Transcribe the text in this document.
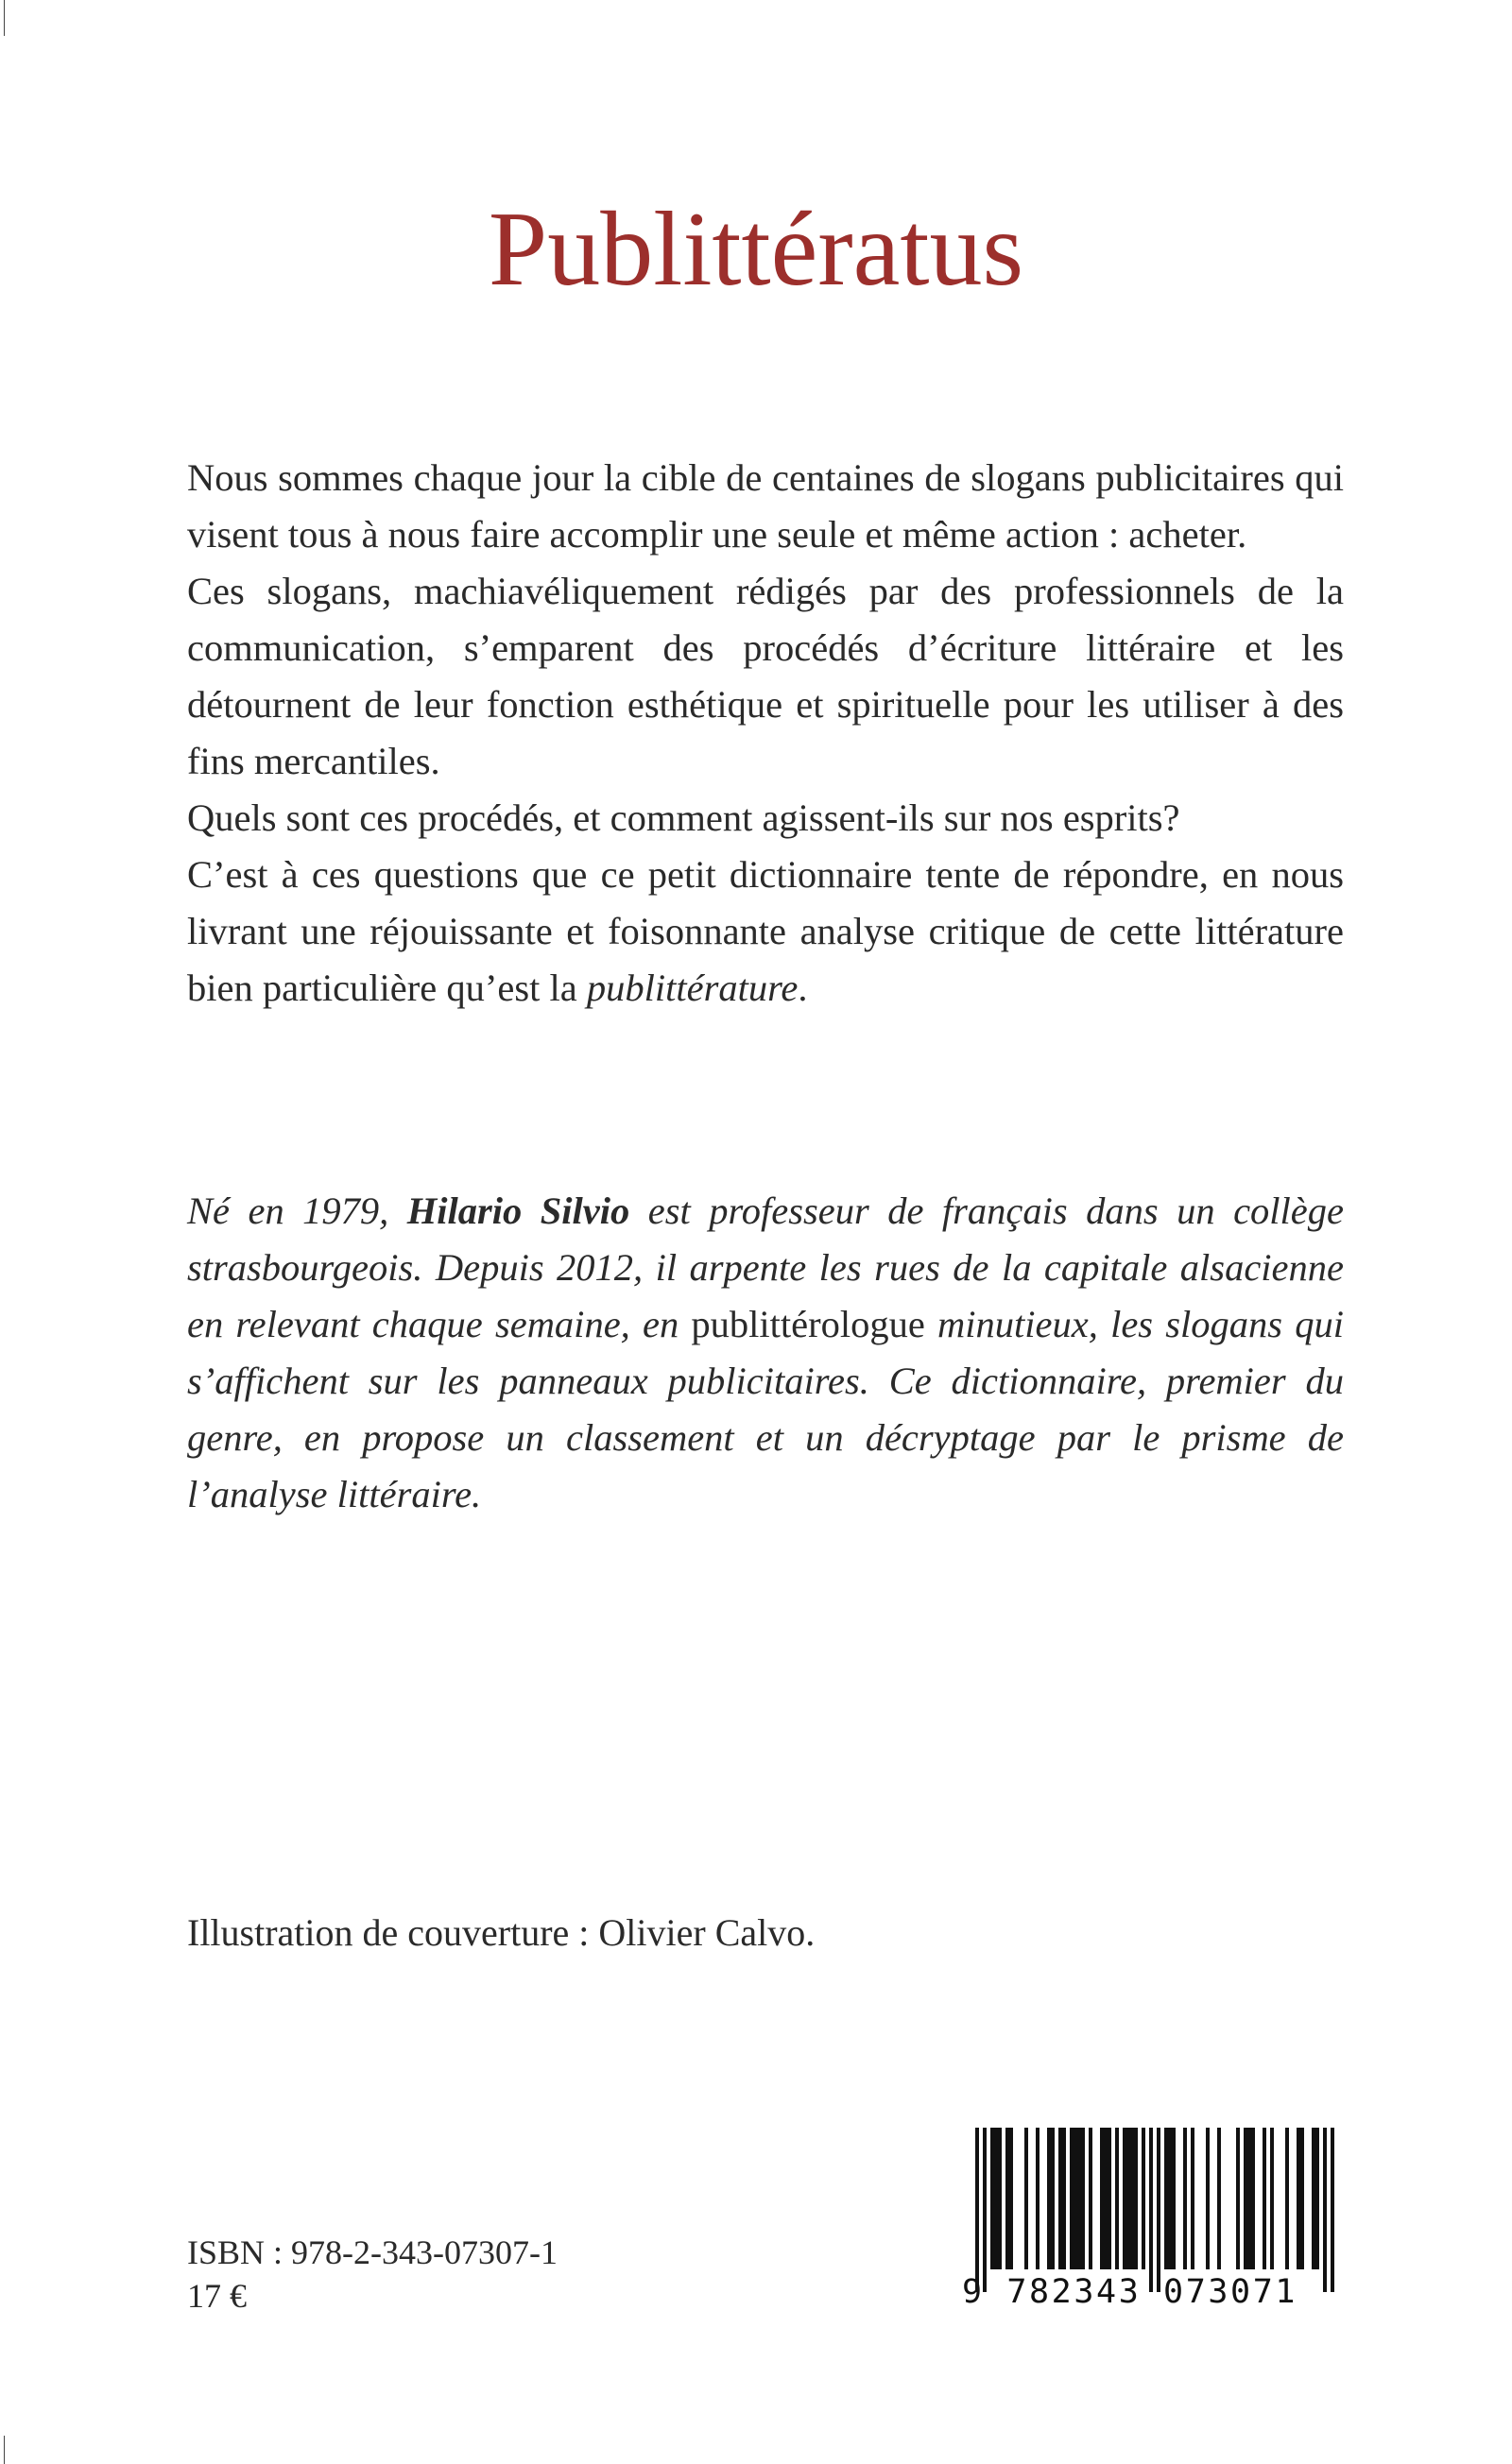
Publittératus

Nous sommes chaque jour la cible de centaines de slogans publicitaires qui visent tous à nous faire accomplir une seule et même action : acheter.

Ces slogans, machiavéliquement rédigés par des professionnels de la communication, s’emparent des procédés d’écriture littéraire et les détournent de leur fonction esthétique et spirituelle pour les utiliser à des fins mercantiles.

Quels sont ces procédés, et comment agissent-ils sur nos esprits?

C’est à ces questions que ce petit dictionnaire tente de répondre, en nous livrant une réjouissante et foisonnante analyse critique de cette littérature bien particulière qu’est la publittérature.

Né en 1979, Hilario Silvio est professeur de français dans un collège strasbourgeois. Depuis 2012, il arpente les rues de la capitale alsacienne en relevant chaque semaine, en publittérologue minutieux, les slogans qui s’affichent sur les panneaux publicitaires. Ce dictionnaire, premier du genre, en propose un classement et un décryptage par le prisme de l’analyse littéraire.

Illustration de couverture : Olivier Calvo.
ISBN : 978-2-343-07307-1
17 €	9 782343 073071
